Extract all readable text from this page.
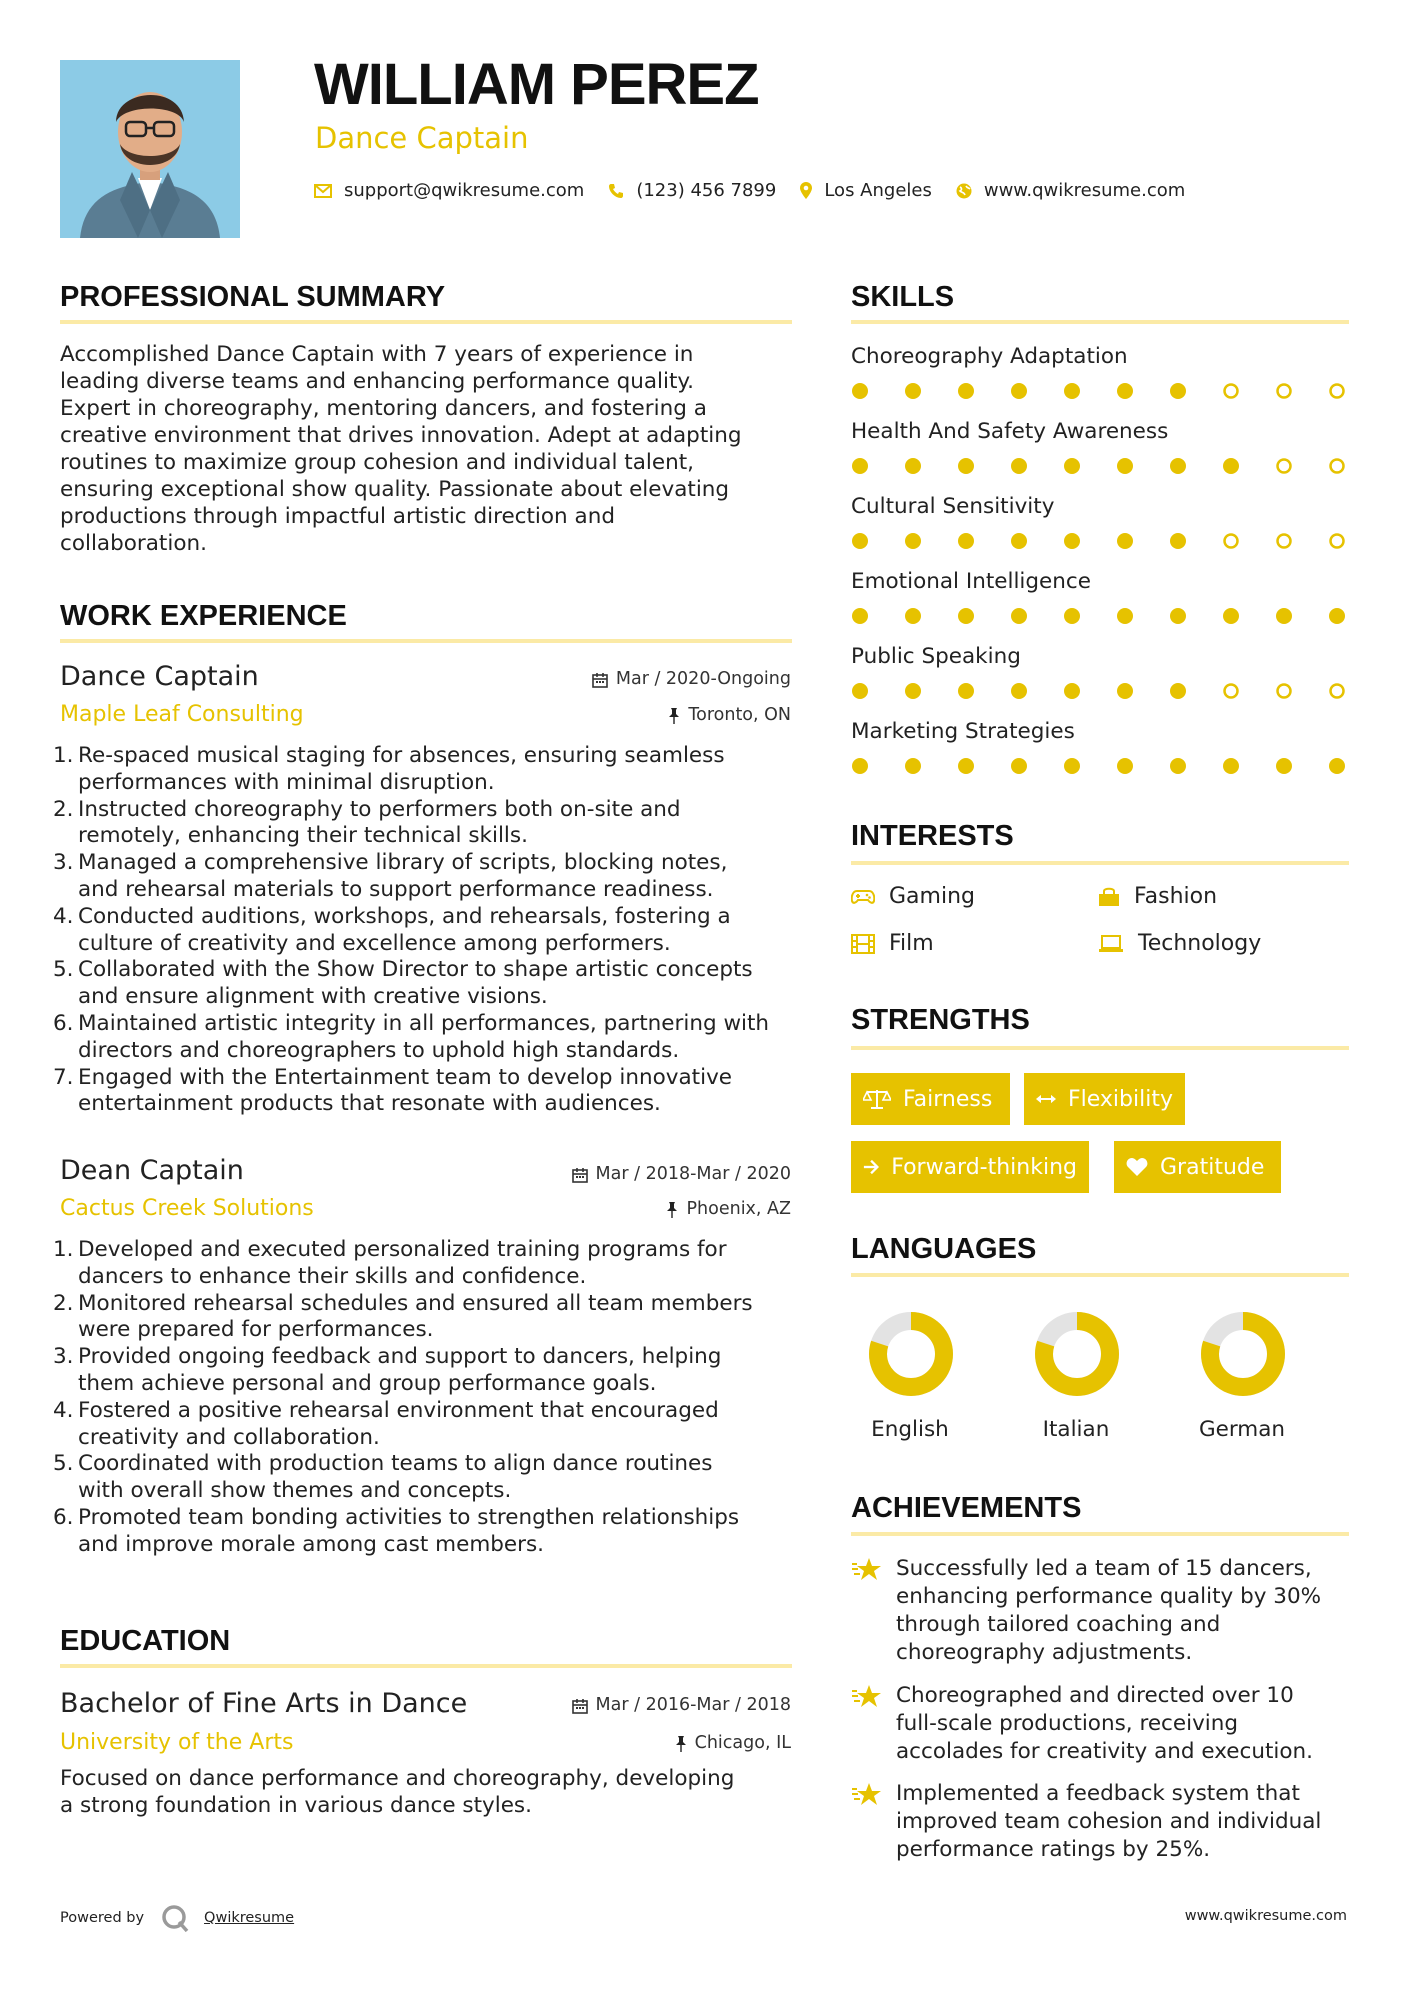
WILLIAM PEREZ
Dance Captain
support@qwikresume.com	(123) 456 7899	Los Angeles	www.qwikresume.com
PROFESSIONAL SUMMARY
Accomplished Dance Captain with 7 years of experience in
leading diverse teams and enhancing performance quality.
Expert in choreography, mentoring dancers, and fostering a
creative environment that drives innovation. Adept at adapting
routines to maximize group cohesion and individual talent,
ensuring exceptional show quality. Passionate about elevating
productions through impactful artistic direction and
collaboration.
WORK EXPERIENCE
Dance Captain
Maple Leaf Consulting
Mar / 2020-Ongoing
Toronto, ON
1. Re-spaced musical staging for absences, ensuring seamless
performances with minimal disruption.
2. Instructed choreography to performers both on-site and
remotely, enhancing their technical skills.
3. Managed a comprehensive library of scripts, blocking notes,
and rehearsal materials to support performance readiness.
4. Conducted auditions, workshops, and rehearsals, fostering a
culture of creativity and excellence among performers.
5. Collaborated with the Show Director to shape artistic concepts
and ensure alignment with creative visions.
6. Maintained artistic integrity in all performances, partnering with
directors and choreographers to uphold high standards.
7. Engaged with the Entertainment team to develop innovative
entertainment products that resonate with audiences.
Dean Captain
Cactus Creek Solutions
Mar / 2018-Mar / 2020
Phoenix, AZ
1. Developed and executed personalized training programs for
dancers to enhance their skills and confidence.
2. Monitored rehearsal schedules and ensured all team members
were prepared for performances.
3. Provided ongoing feedback and support to dancers, helping
them achieve personal and group performance goals.
4. Fostered a positive rehearsal environment that encouraged
creativity and collaboration.
5. Coordinated with production teams to align dance routines
with overall show themes and concepts.
6. Promoted team bonding activities to strengthen relationships
and improve morale among cast members.
EDUCATION
Bachelor of Fine Arts in Dance
University of the Arts
Mar / 2016-Mar / 2018
Chicago, IL
Focused on dance performance and choreography, developing
a strong foundation in various dance styles.
SKILLS
Choreography Adaptation
Health And Safety Awareness
Cultural Sensitivity
Emotional Intelligence
Public Speaking
Marketing Strategies
INTERESTS
Gaming	Fashion
Film	Technology
STRENGTHS
Fairness	Flexibility
Forward-thinking	Gratitude
LANGUAGES
English	Italian	German
ACHIEVEMENTS
Successfully led a team of 15 dancers,
enhancing performance quality by 30%
through tailored coaching and
choreography adjustments.
Choreographed and directed over 10
full-scale productions, receiving
accolades for creativity and execution.
Implemented a feedback system that
improved team cohesion and individual
performance ratings by 25%.
Powered by	Qwikresume	www.qwikresume.com
